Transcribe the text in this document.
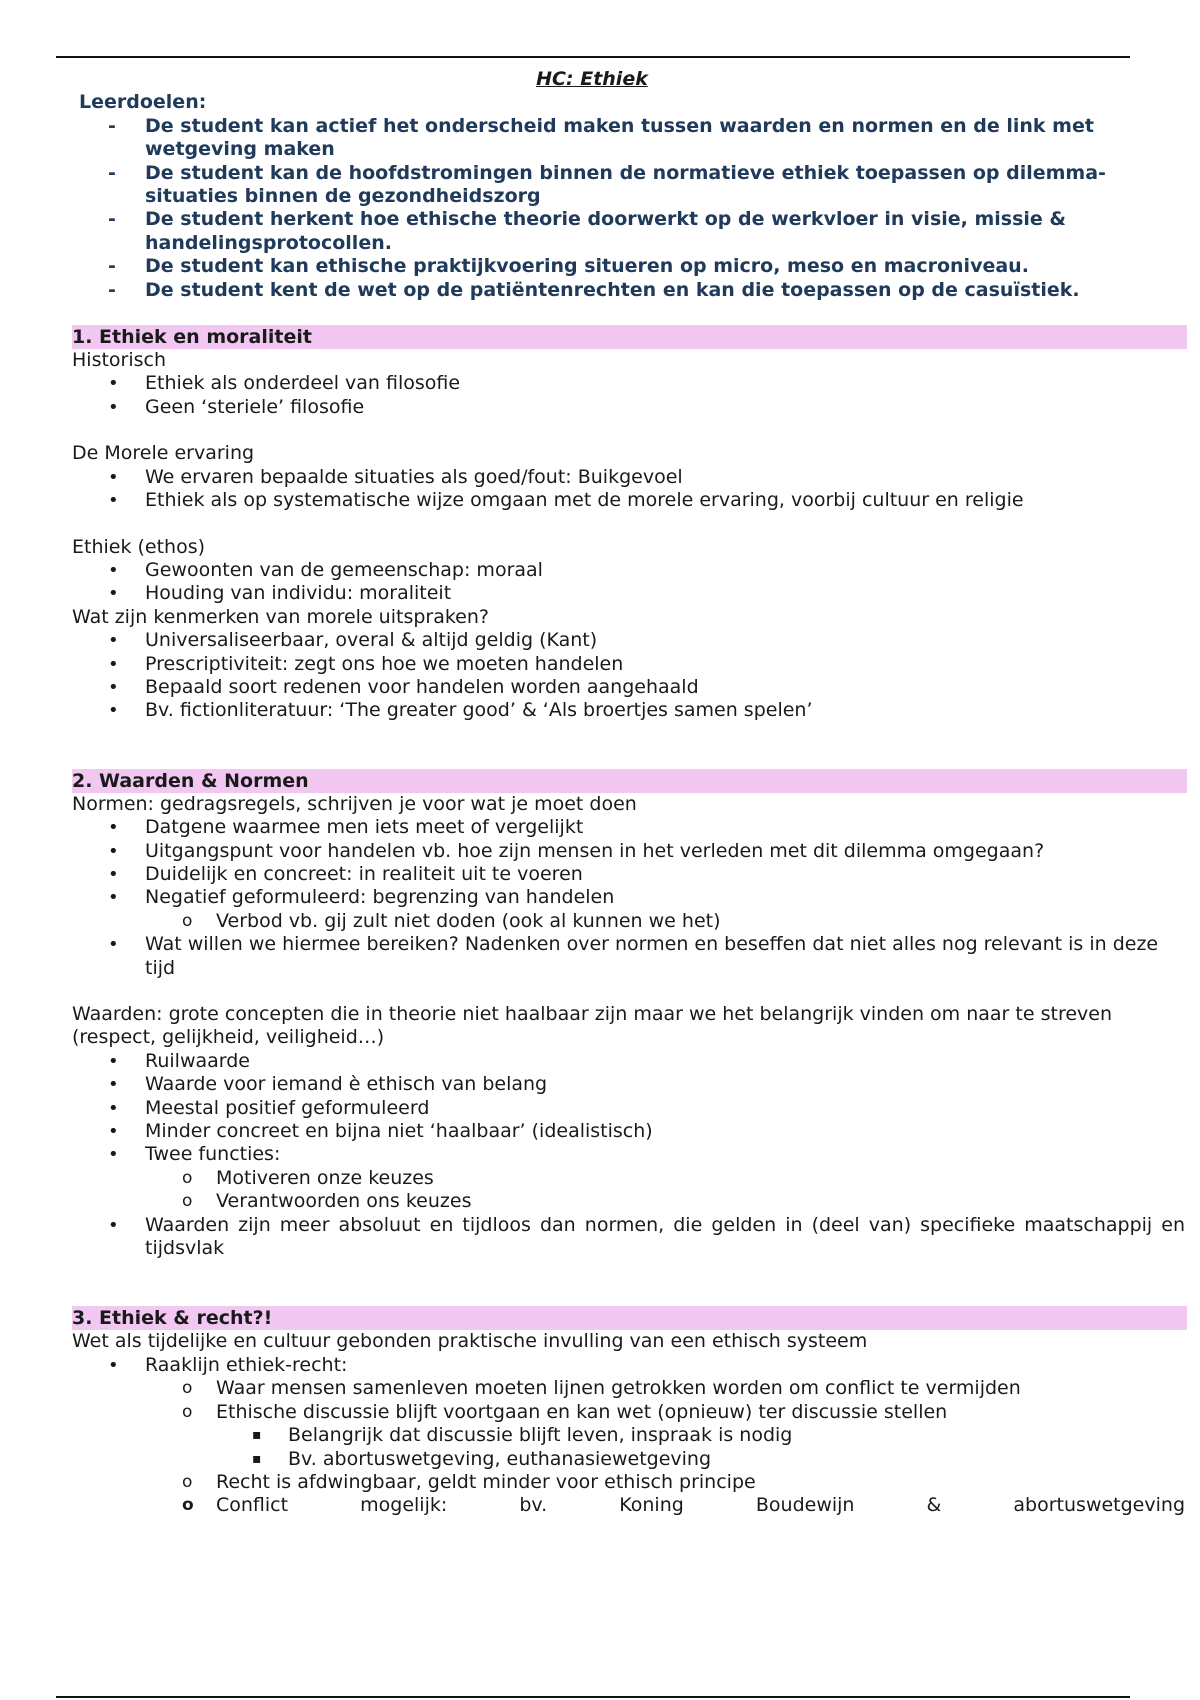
HC: Ethiek
Leerdoelen:
- De student kan actief het onderscheid maken tussen waarden en normen en de link met wetgeving maken
- De student kan de hoofdstromingen binnen de normatieve ethiek toepassen op dilemma-situaties binnen de gezondheidszorg
- De student herkent hoe ethische theorie doorwerkt op de werkvloer in visie, missie & handelingsprotocollen.
- De student kan ethische praktijkvoering situeren op micro, meso en macroniveau.
- De student kent de wet op de patiëntenrechten en kan die toepassen op de casuïstiek.
1. Ethiek en moraliteit

Historisch

• Ethiek als onderdeel van filosofie
• Geen ‘steriele’ filosofie

De Morele ervaring

• We ervaren bepaalde situaties als goed/fout: Buikgevoel
• Ethiek als op systematische wijze omgaan met de morele ervaring, voorbij cultuur en religie

Ethiek (ethos)

• Gewoonten van de gemeenschap: moraal
• Houding van individu: moraliteit

Wat zijn kenmerken van morele uitspraken?

• Universaliseerbaar, overal & altijd geldig (Kant)
• Prescriptiviteit: zegt ons hoe we moeten handelen
• Bepaald soort redenen voor handelen worden aangehaald
• Bv. fictionliteratuur: ‘The greater good’ & ‘Als broertjes samen spelen’
2. Waarden & Normen

Normen: gedragsregels, schrijven je voor wat je moet doen

• Datgene waarmee men iets meet of vergelijkt
• Uitgangspunt voor handelen vb. hoe zijn mensen in het verleden met dit dilemma omgegaan?
• Duidelijk en concreet: in realiteit uit te voeren
• Negatief geformuleerd: begrenzing van handelen
o Verbod vb. gij zult niet doden (ook al kunnen we het)
• Wat willen we hiermee bereiken? Nadenken over normen en beseffen dat niet alles nog relevant is in deze tijd

Waarden: grote concepten die in theorie niet haalbaar zijn maar we het belangrijk vinden om naar te streven (respect, gelijkheid, veiligheid…)

• Ruilwaarde
• Waarde voor iemand è ethisch van belang
• Meestal positief geformuleerd
• Minder concreet en bijna niet ‘haalbaar’ (idealistisch)
• Twee functies:
o Motiveren onze keuzes
o Verantwoorden ons keuzes
• Waarden zijn meer absoluut en tijdloos dan normen, die gelden in (deel van) specifieke maatschappij en tijdsvlak
3. Ethiek & recht?!

Wet als tijdelijke en cultuur gebonden praktische invulling van een ethisch systeem

• Raaklijn ethiek-recht:
o Waar mensen samenleven moeten lijnen getrokken worden om conflict te vermijden
o Ethische discussie blijft voortgaan en kan wet (opnieuw) ter discussie stellen
▪ Belangrijk dat discussie blijft leven, inspraak is nodig
▪ Bv. abortuswetgeving, euthanasiewetgeving
o Recht is afdwingbaar, geldt minder voor ethisch principe
o Conflict mogelijk: bv. Koning Boudewijn & abortuswetgeving
